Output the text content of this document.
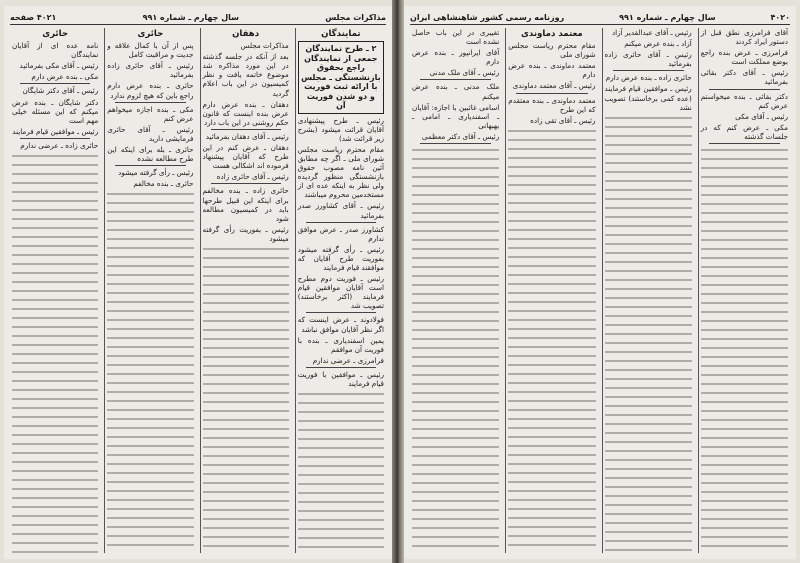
مذاکرات مجلس
سال چهارم ـ شماره ۹۹۱
۴۰۲۱ صفحه
تمایندگان
۲ ـ طرح نمایندگان جمعی از نمایندگان راجع بحقوق بازنشستگی ـ مجلس با ارائه ثبت فوریت و دو شدن فوریت آن

رئیس ـ طرح پیشنهادی آقایان قرائت میشود (بشرح زیر قرائت شد)

مقام محترم ریاست مجلس شورای ملی ـ اگر چه مطابق آئین نامه مصوب حقوق بازنشستگی منظور گردیده ولی نظر به اینکه عده ای از مستخدمین محروم میباشند

رئیس ـ آقای کشاورز صدر بفرمائید

کشاورز صدر ـ عرض موافق ندارم

رئیس ـ رأی گرفته میشود بفوریت طرح آقایان که موافقند قیام فرمایند

رئیس ـ فوریت دوم مطرح است آقایان موافقین قیام فرمایند (اکثر برخاستند) تصویب شد

فولادوند ـ عرض اینست که اگر نظر آقایان موافق نباشد

یمین اسفندیاری ـ بنده با فوریت آن موافقم

فرامرزی ـ عرضی ندارم

رئیس ـ موافقین با فوریت قیام فرمایند

دهقان

مذاکرات مجلس

بعد از آنکه در جلسه گذشته در این مورد مذاکره شد موضوع خاتمه یافت و نظر کمیسیون در این باب اعلام گردید

دهقان ـ بنده عرض دارم عرض بنده اینست که قانون حکم روشنی در این باب دارد

رئیس ـ آقای دهقان بفرمائید

دهقان ـ عرض کنم در این طرح که آقایان پیشنهاد فرموده اند اشکالی هست

رئیس ـ آقای حائری زاده

حائری زاده ـ بنده مخالفم برای اینکه این قبیل طرحها باید در کمیسیون مطالعه شود

رئیس ـ بفوریت رأی گرفته میشود

حائری

پس از آن با کمال علاقه و جدیت و مراقبت کامل

رئیس ـ آقای حائری زاده بفرمائید

حائری ـ بنده عرض دارم راجع باین که هیچ لزوم ندارد

مکی ـ بنده اجازه میخواهم عرض کنم

رئیس ـ آقای حائری فرمایشی دارید

حائری ـ بله برای اینکه این طرح مطالعه نشده

رئیس ـ رأی گرفته میشود

حائری ـ بنده مخالفم

حائری

نامه عده ای از آقایان نمایندگان

رئیس ـ آقای مکی بفرمائید

مکی ـ بنده عرض دارم

رئیس ـ آقای دکتر شایگان

دکتر شایگان ـ بنده عرض میکنم که این مسئله خیلی مهم است

رئیس ـ موافقین قیام فرمایند

حائری زاده ـ عرضی ندارم

۴۰۲۰
سال چهارم ـ شماره ۹۹۱
روزنامه رسمی کشور شاهنشاهی ایران

آقای فرامرزی نطق قبل از دستور ایراد کردند

فرامرزی ـ عرض بنده راجع بوضع مملکت است

رئیس ـ آقای دکتر بقائی بفرمائید

دکتر بقائی ـ بنده میخواستم عرض کنم

رئیس ـ آقای مکی

مکی ـ عرض کنم که در جلسات گذشته

رئیس ـ آقای عبدالقدیر آزاد

آزاد ـ بنده عرض میکنم

رئیس ـ آقای حائری زاده بفرمائید

حائری زاده ـ بنده عرض دارم

رئیس ـ موافقین قیام فرمایند (عده کمی برخاستند) تصویب نشد

معتمد دماوندی

مقام محترم ریاست مجلس شورای ملی

معتمد دماوندی ـ بنده عرض دارم

رئیس ـ آقای معتمد دماوندی

معتمد دماوندی ـ بنده معتقدم که این طرح

رئیس ـ آقای تقی زاده

تغییری در این باب حاصل نشده است

آقای ایرانپور ـ بنده عرض دارم

رئیس ـ آقای ملک مدنی

ملک مدنی ـ بنده عرض میکنم

اسامی غائبین با اجازه: آقایان ـ اسفندیاری ـ امامی ـ بهبهانی

رئیس ـ آقای دکتر معظمی
